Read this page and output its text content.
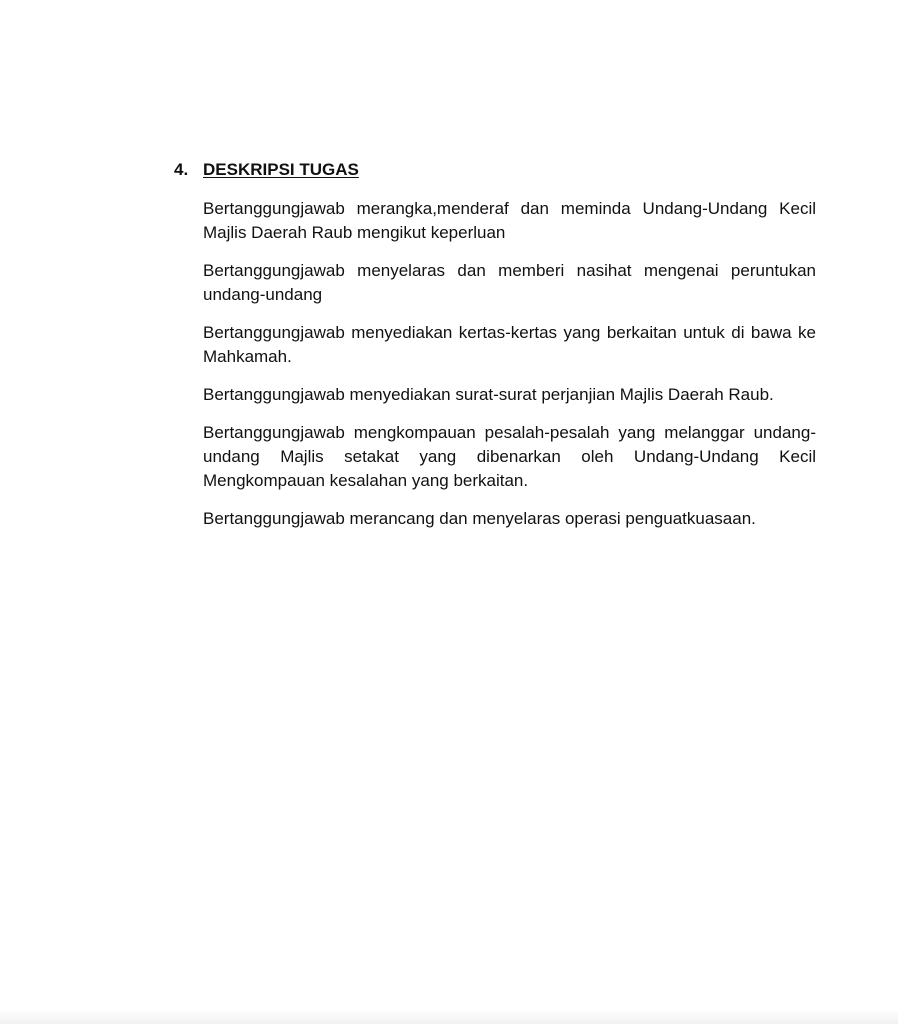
4. DESKRIPSI TUGAS

Bertanggungjawab merangka,menderaf dan meminda Undang-Undang Kecil Majlis Daerah Raub mengikut keperluan

Bertanggungjawab menyelaras dan memberi nasihat mengenai peruntukan undang-undang

Bertanggungjawab menyediakan kertas-kertas yang berkaitan untuk di bawa ke Mahkamah.

Bertanggungjawab menyediakan surat-surat perjanjian Majlis Daerah Raub.

Bertanggungjawab mengkompauan pesalah-pesalah yang melanggar undang-undang Majlis setakat yang dibenarkan oleh Undang-Undang Kecil Mengkompauan kesalahan yang berkaitan.

Bertanggungjawab merancang dan menyelaras operasi penguatkuasaan.
